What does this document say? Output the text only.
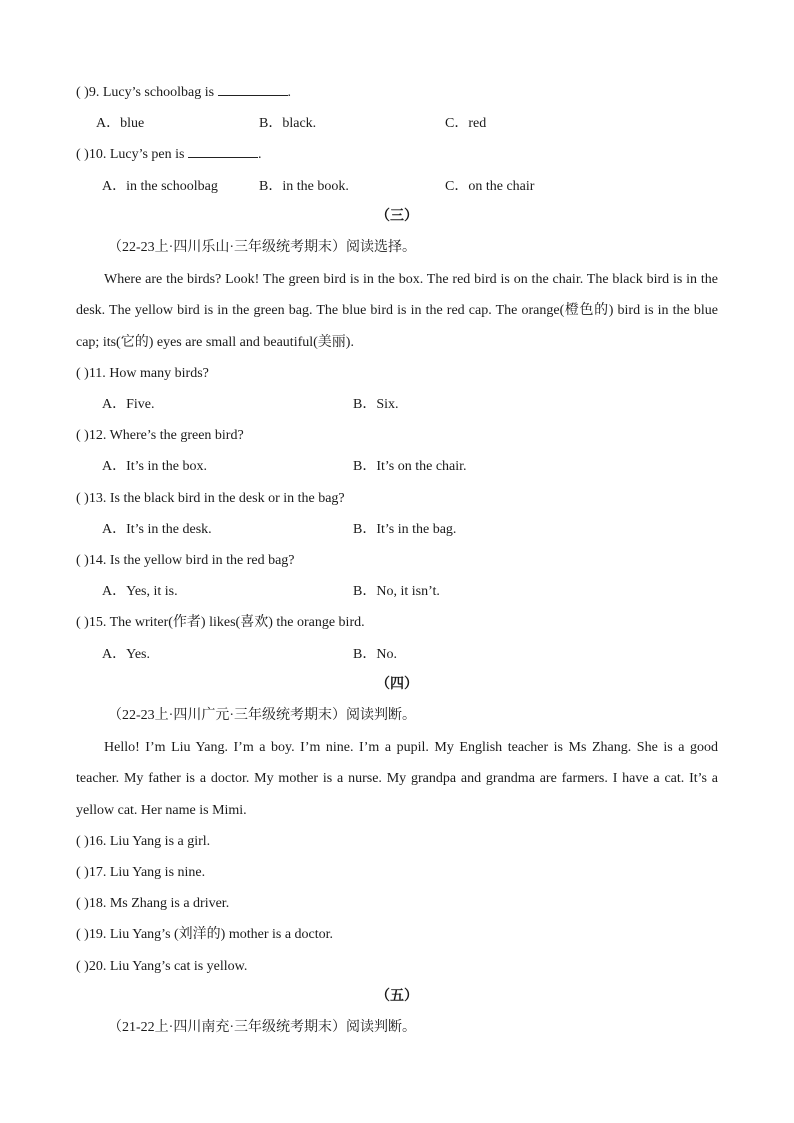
( )9. Lucy’s schoolbag is	.
A．blue	B．black.	C．red
( )10. Lucy’s pen is	.
A．in the schoolbag	B．in the book.	C．on the chair
（三）
（22-23上·四川乐山·三年级统考期末）阅读选择。

Where are the birds? Look! The green bird is in the box. The red bird is on the chair. The black bird is in the desk. The yellow bird is in the green bag. The blue bird is in the red cap. The orange(橙色的) bird is in the blue cap; its(它的) eyes are small and beautiful(美丽).

( )11. How many birds?
A．Five.	B．Six.
( )12. Where’s the green bird?
A．It’s in the box.	B．It’s on the chair.
( )13. Is the black bird in the desk or in the bag?
A．It’s in the desk.	B．It’s in the bag.
( )14. Is the yellow bird in the red bag?
A．Yes, it is.	B．No, it isn’t.
( )15. The writer(作者) likes(喜欢) the orange bird.
A．Yes.	B．No.
（四）
（22-23上·四川广元·三年级统考期末）阅读判断。

Hello! I’m Liu Yang. I’m a boy. I’m nine. I’m a pupil. My English teacher is Ms Zhang. She is a good teacher. My father is a doctor. My mother is a nurse. My grandpa and grandma are farmers. I have a cat. It’s a yellow cat. Her name is Mimi.

( )16. Liu Yang is a girl.
( )17. Liu Yang is nine.
( )18. Ms Zhang is a driver.
( )19. Liu Yang’s (刘洋的) mother is a doctor.
( )20. Liu Yang’s cat is yellow.
（五）
（21-22上·四川南充·三年级统考期末）阅读判断。
